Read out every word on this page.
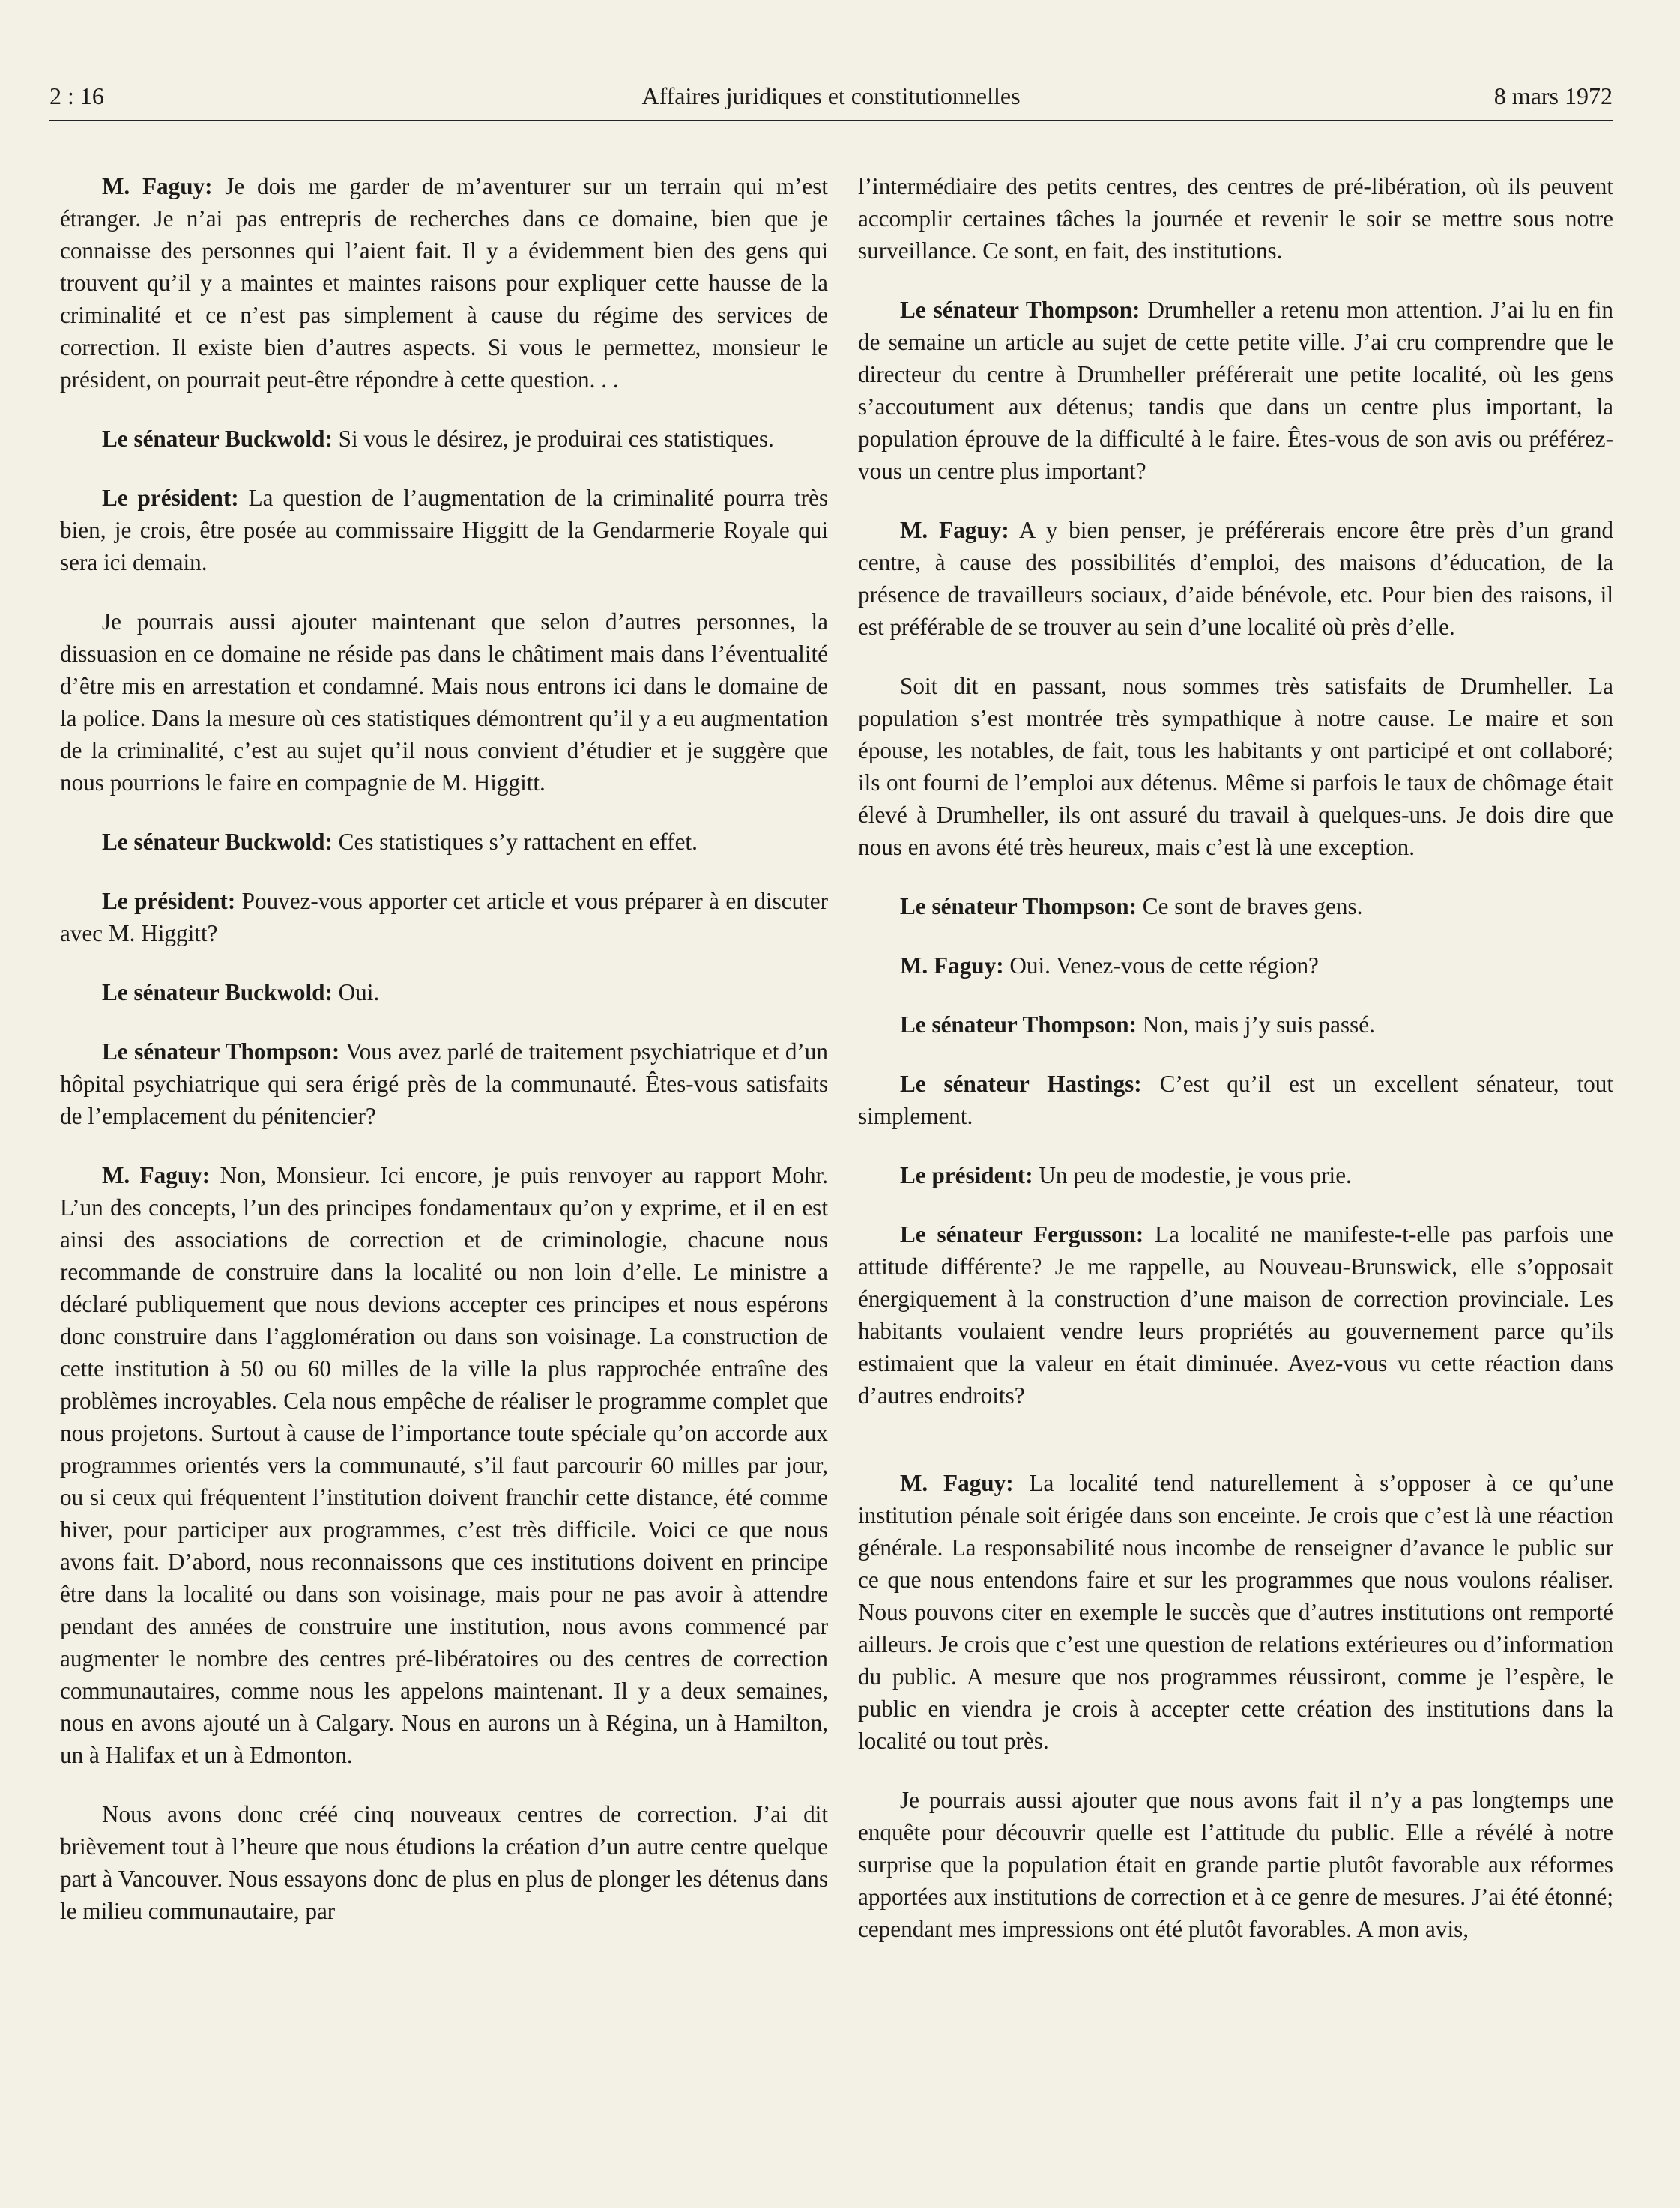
2 : 16	Affaires juridiques et constitutionnelles	8 mars 1972

M. Faguy: Je dois me garder de m’aventurer sur un terrain qui m’est étranger. Je n’ai pas entrepris de recherches dans ce domaine, bien que je connaisse des personnes qui l’aient fait. Il y a évidemment bien des gens qui trouvent qu’il y a maintes et maintes raisons pour expliquer cette hausse de la criminalité et ce n’est pas simplement à cause du régime des services de correction. Il existe bien d’autres aspects. Si vous le permettez, monsieur le président, on pourrait peut-être répondre à cette question. . .

Le sénateur Buckwold: Si vous le désirez, je produirai ces statistiques.

Le président: La question de l’augmentation de la criminalité pourra très bien, je crois, être posée au commissaire Higgitt de la Gendarmerie Royale qui sera ici demain.

Je pourrais aussi ajouter maintenant que selon d’autres personnes, la dissuasion en ce domaine ne réside pas dans le châtiment mais dans l’éventualité d’être mis en arrestation et condamné. Mais nous entrons ici dans le domaine de la police. Dans la mesure où ces statistiques démontrent qu’il y a eu augmentation de la criminalité, c’est au sujet qu’il nous convient d’étudier et je suggère que nous pourrions le faire en compagnie de M. Higgitt.

Le sénateur Buckwold: Ces statistiques s’y rattachent en effet.

Le président: Pouvez-vous apporter cet article et vous préparer à en discuter avec M. Higgitt?

Le sénateur Buckwold: Oui.

Le sénateur Thompson: Vous avez parlé de traitement psychiatrique et d’un hôpital psychiatrique qui sera érigé près de la communauté. Êtes-vous satisfaits de l’emplacement du pénitencier?

M. Faguy: Non, Monsieur. Ici encore, je puis renvoyer au rapport Mohr. L’un des concepts, l’un des principes fondamentaux qu’on y exprime, et il en est ainsi des associations de correction et de criminologie, chacune nous recommande de construire dans la localité ou non loin d’elle. Le ministre a déclaré publiquement que nous devions accepter ces principes et nous espérons donc construire dans l’agglomération ou dans son voisinage. La construction de cette institution à 50 ou 60 milles de la ville la plus rapprochée entraîne des problèmes incroyables. Cela nous empêche de réaliser le programme complet que nous projetons. Surtout à cause de l’importance toute spéciale qu’on accorde aux programmes orientés vers la communauté, s’il faut parcourir 60 milles par jour, ou si ceux qui fréquentent l’institution doivent franchir cette distance, été comme hiver, pour participer aux programmes, c’est très difficile. Voici ce que nous avons fait. D’abord, nous reconnaissons que ces institutions doivent en principe être dans la localité ou dans son voisinage, mais pour ne pas avoir à attendre pendant des années de construire une institution, nous avons commencé par augmenter le nombre des centres pré-libératoires ou des centres de correction communautaires, comme nous les appelons maintenant. Il y a deux semaines, nous en avons ajouté un à Calgary. Nous en aurons un à Régina, un à Hamilton, un à Halifax et un à Edmonton.

Nous avons donc créé cinq nouveaux centres de correction. J’ai dit brièvement tout à l’heure que nous étudions la création d’un autre centre quelque part à Vancouver. Nous essayons donc de plus en plus de plonger les détenus dans le milieu communautaire, par

l’intermédiaire des petits centres, des centres de pré-libération, où ils peuvent accomplir certaines tâches la journée et revenir le soir se mettre sous notre surveillance. Ce sont, en fait, des institutions.

Le sénateur Thompson: Drumheller a retenu mon attention. J’ai lu en fin de semaine un article au sujet de cette petite ville. J’ai cru comprendre que le directeur du centre à Drumheller préférerait une petite localité, où les gens s’accoutument aux détenus; tandis que dans un centre plus important, la population éprouve de la difficulté à le faire. Êtes-vous de son avis ou préférez-vous un centre plus important?

M. Faguy: A y bien penser, je préférerais encore être près d’un grand centre, à cause des possibilités d’emploi, des maisons d’éducation, de la présence de travailleurs sociaux, d’aide bénévole, etc. Pour bien des raisons, il est préférable de se trouver au sein d’une localité où près d’elle.

Soit dit en passant, nous sommes très satisfaits de Drumheller. La population s’est montrée très sympathique à notre cause. Le maire et son épouse, les notables, de fait, tous les habitants y ont participé et ont collaboré; ils ont fourni de l’emploi aux détenus. Même si parfois le taux de chômage était élevé à Drumheller, ils ont assuré du travail à quelques-uns. Je dois dire que nous en avons été très heureux, mais c’est là une exception.

Le sénateur Thompson: Ce sont de braves gens.

M. Faguy: Oui. Venez-vous de cette région?

Le sénateur Thompson: Non, mais j’y suis passé.

Le sénateur Hastings: C’est qu’il est un excellent sénateur, tout simplement.

Le président: Un peu de modestie, je vous prie.

Le sénateur Fergusson: La localité ne manifeste-t-elle pas parfois une attitude différente? Je me rappelle, au Nouveau-Brunswick, elle s’opposait énergiquement à la construction d’une maison de correction provinciale. Les habitants voulaient vendre leurs propriétés au gouvernement parce qu’ils estimaient que la valeur en était diminuée. Avez-vous vu cette réaction dans d’autres endroits?

M. Faguy: La localité tend naturellement à s’opposer à ce qu’une institution pénale soit érigée dans son enceinte. Je crois que c’est là une réaction générale. La responsabilité nous incombe de renseigner d’avance le public sur ce que nous entendons faire et sur les programmes que nous voulons réaliser. Nous pouvons citer en exemple le succès que d’autres institutions ont remporté ailleurs. Je crois que c’est une question de relations extérieures ou d’information du public. A mesure que nos programmes réussiront, comme je l’espère, le public en viendra je crois à accepter cette création des institutions dans la localité ou tout près.

Je pourrais aussi ajouter que nous avons fait il n’y a pas longtemps une enquête pour découvrir quelle est l’attitude du public. Elle a révélé à notre surprise que la population était en grande partie plutôt favorable aux réformes apportées aux institutions de correction et à ce genre de mesures. J’ai été étonné; cependant mes impressions ont été plutôt favorables. A mon avis,
